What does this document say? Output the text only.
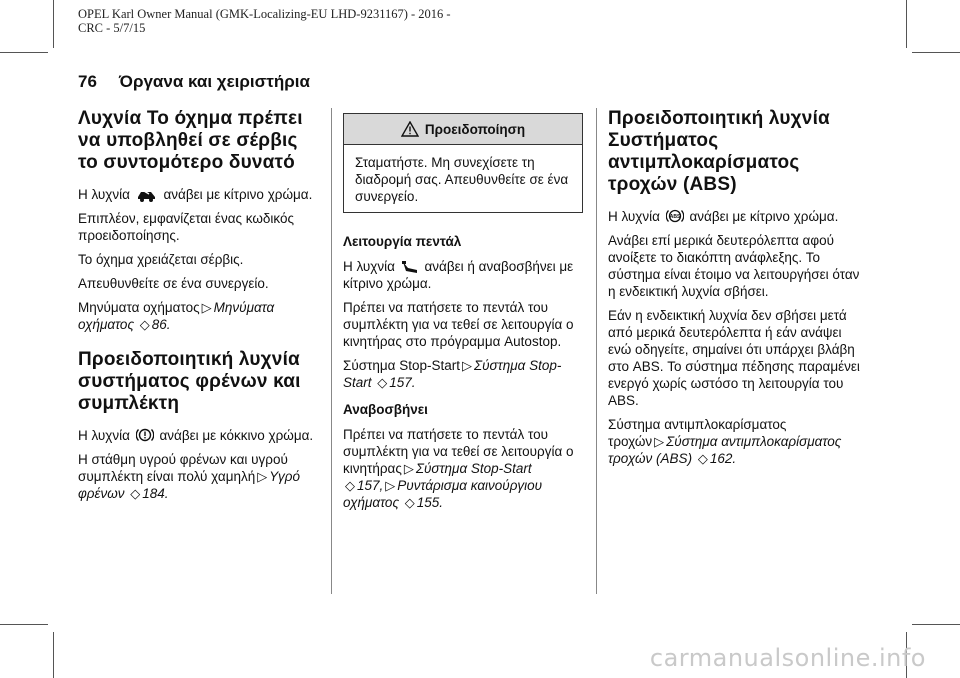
OPEL Karl Owner Manual (GMK-Localizing-EU LHD-9231167) - 2016 -
CRC - 5/7/15
76 Όργανα και χειριστήρια
Λυχνία Το όχημα πρέπει να υποβληθεί σε σέρβις το συντομότερο δυνατό

Η λυχνία ανάβει με κίτρινο χρώμα.

Επιπλέον, εμφανίζεται ένας κωδικός προειδοποίησης.

Το όχημα χρειάζεται σέρβις.

Απευθυνθείτε σε ένα συνεργείο.

Μηνύματα οχήματος ▷ Μηνύματα οχήματος ◇ 86.

Προειδοποιητική λυχνία συστήματος φρένων και συμπλέκτη

Η λυχνία ανάβει με κόκκινο χρώμα.

Η στάθμη υγρού φρένων και υγρού συμπλέκτη είναι πολύ χαμηλή ▷ Υγρό φρένων ◇ 184.

Προειδοποίηση

Σταματήστε. Μη συνεχίσετε τη διαδρομή σας. Απευθυνθείτε σε ένα συνεργείο.

Λειτουργία πεντάλ

Η λυχνία ανάβει ή αναβοσβήνει με κίτρινο χρώμα.

Πρέπει να πατήσετε το πεντάλ του συμπλέκτη για να τεθεί σε λειτουργία ο κινητήρας στο πρόγραμμα Autostop.

Σύστημα Stop-Start ▷ Σύστημα Stop-Start ◇ 157.

Αναβοσβήνει

Πρέπει να πατήσετε το πεντάλ του συμπλέκτη για να τεθεί σε λειτουργία ο κινητήρας ▷ Σύστημα Stop-Start ◇ 157, ▷ Ρυντάρισμα καινούργιου οχήματος ◇ 155.

Προειδοποιητική λυχνία Συστήματος αντιμπλοκαρίσματος τροχών (ABS)

Η λυχνία ABS ανάβει με κίτρινο χρώμα.

Ανάβει επί μερικά δευτερόλεπτα αφού ανοίξετε το διακόπτη ανάφλεξης. Το σύστημα είναι έτοιμο να λειτουργήσει όταν η ενδεικτική λυχνία σβήσει.

Εάν η ενδεικτική λυχνία δεν σβήσει μετά από μερικά δευτερόλεπτα ή εάν ανάψει ενώ οδηγείτε, σημαίνει ότι υπάρχει βλάβη στο ABS. Το σύστημα πέδησης παραμένει ενεργό χωρίς ωστόσο τη λειτουργία του ABS.

Σύστημα αντιμπλοκαρίσματος τροχών ▷ Σύστημα αντιμπλοκαρίσματος τροχών (ABS) ◇ 162.

carmanualsonline.info
